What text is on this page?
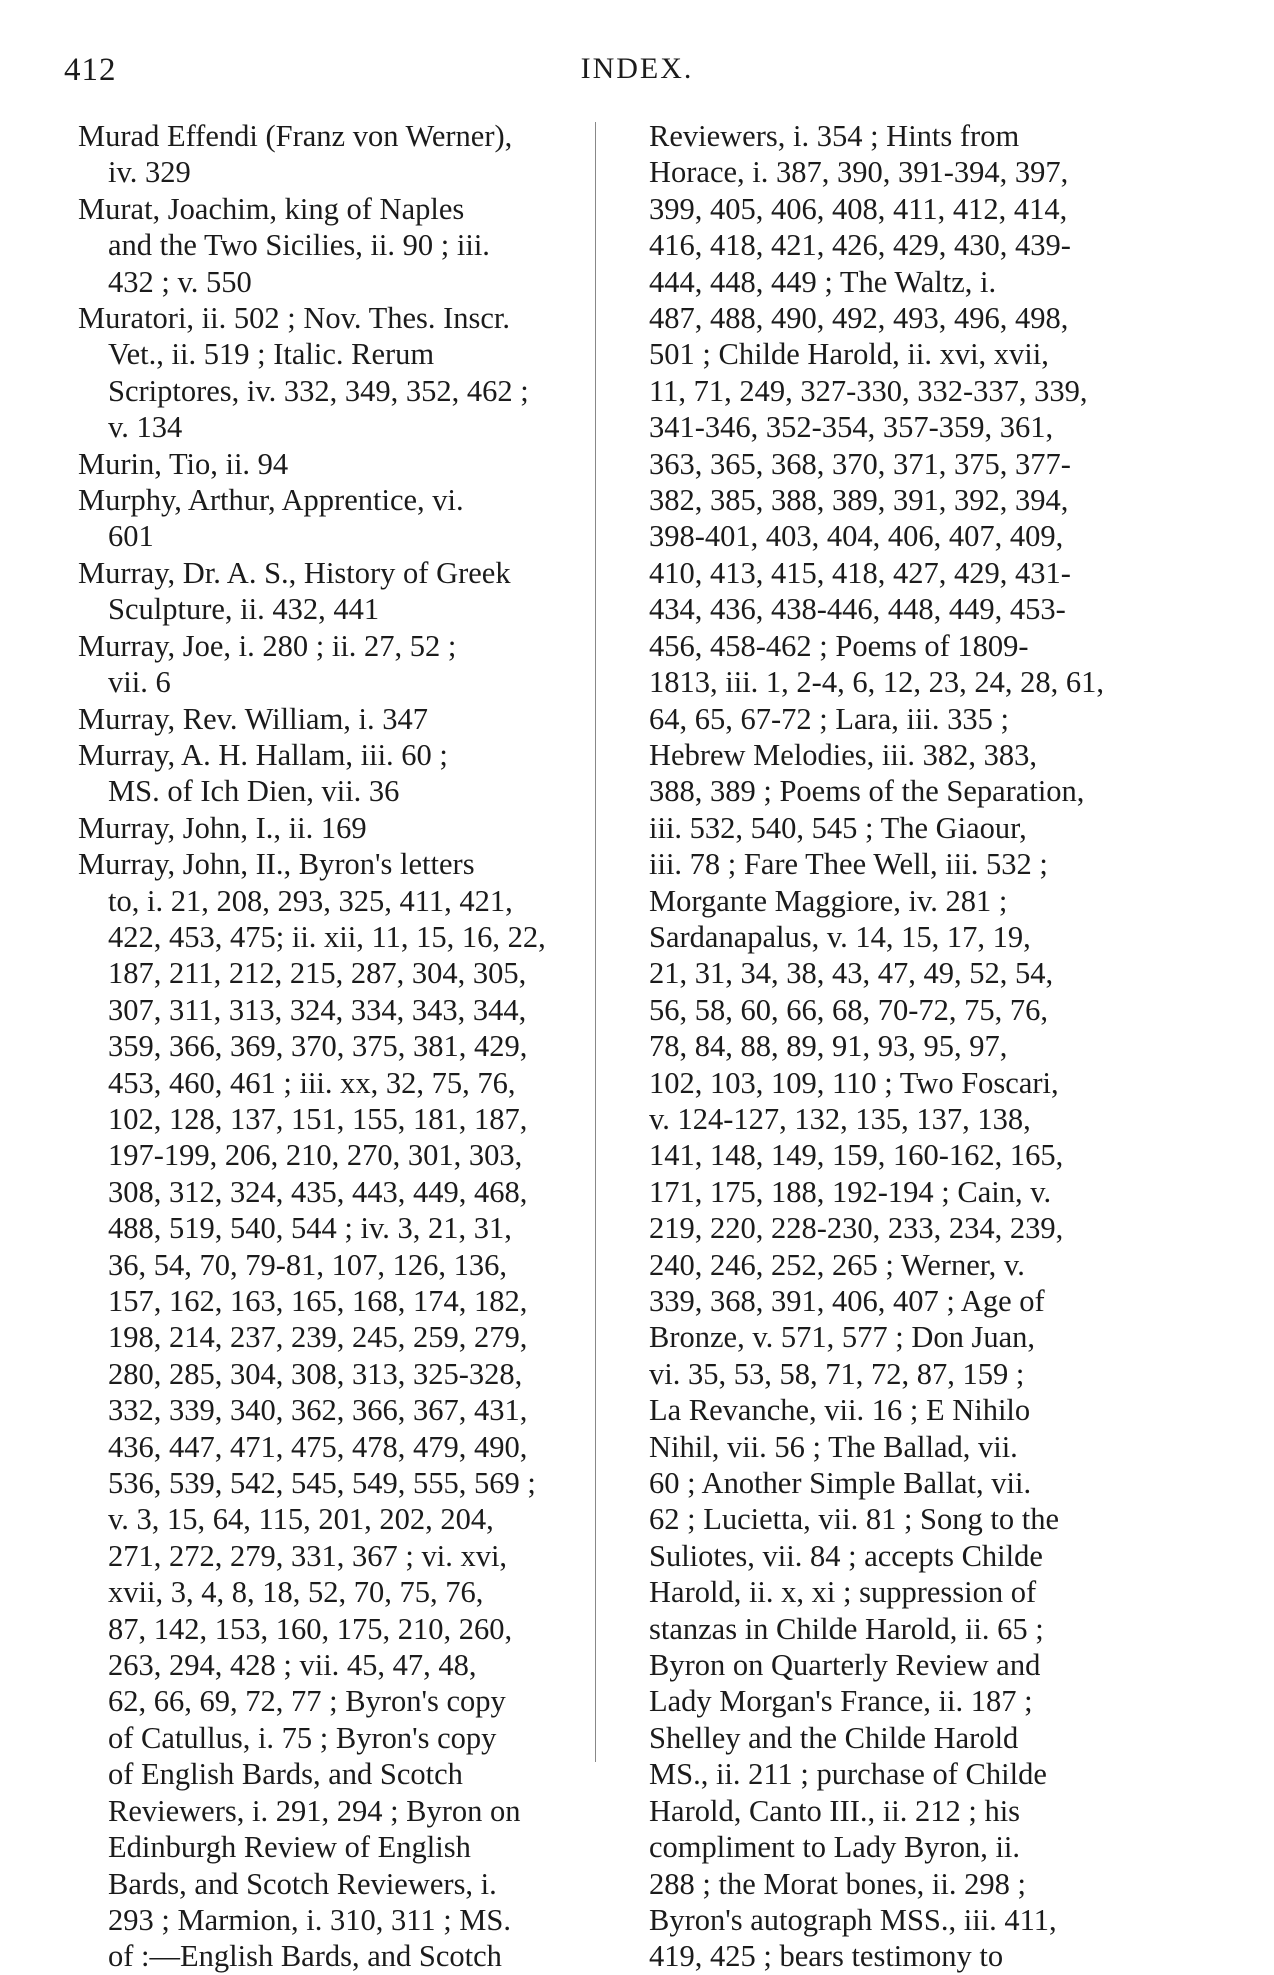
412	INDEX.
Murad Effendi (Franz von Werner),
iv. 329
Murat, Joachim, king of Naples
and the Two Sicilies, ii. 90 ; iii.
432 ; v. 550
Muratori, ii. 502 ; Nov. Thes. Inscr.
Vet., ii. 519 ; Italic. Rerum
Scriptores, iv. 332, 349, 352, 462 ;
v. 134
Murin, Tio, ii. 94
Murphy, Arthur, Apprentice, vi.
601
Murray, Dr. A. S., History of Greek
Sculpture, ii. 432, 441
Murray, Joe, i. 280 ; ii. 27, 52 ;
vii. 6
Murray, Rev. William, i. 347
Murray, A. H. Hallam, iii. 60 ;
MS. of Ich Dien, vii. 36
Murray, John, I., ii. 169
Murray, John, II., Byron's letters
to, i. 21, 208, 293, 325, 411, 421,
422, 453, 475; ii. xii, 11, 15, 16, 22,
187, 211, 212, 215, 287, 304, 305,
307, 311, 313, 324, 334, 343, 344,
359, 366, 369, 370, 375, 381, 429,
453, 460, 461 ; iii. xx, 32, 75, 76,
102, 128, 137, 151, 155, 181, 187,
197-199, 206, 210, 270, 301, 303,
308, 312, 324, 435, 443, 449, 468,
488, 519, 540, 544 ; iv. 3, 21, 31,
36, 54, 70, 79-81, 107, 126, 136,
157, 162, 163, 165, 168, 174, 182,
198, 214, 237, 239, 245, 259, 279,
280, 285, 304, 308, 313, 325-328,
332, 339, 340, 362, 366, 367, 431,
436, 447, 471, 475, 478, 479, 490,
536, 539, 542, 545, 549, 555, 569 ;
v. 3, 15, 64, 115, 201, 202, 204,
271, 272, 279, 331, 367 ; vi. xvi,
xvii, 3, 4, 8, 18, 52, 70, 75, 76,
87, 142, 153, 160, 175, 210, 260,
263, 294, 428 ; vii. 45, 47, 48,
62, 66, 69, 72, 77 ; Byron's copy
of Catullus, i. 75 ; Byron's copy
of English Bards, and Scotch
Reviewers, i. 291, 294 ; Byron on
Edinburgh Review of English
Bards, and Scotch Reviewers, i.
293 ; Marmion, i. 310, 311 ; MS.
of :—English Bards, and Scotch
Reviewers, i. 354 ; Hints from
Horace, i. 387, 390, 391-394, 397,
399, 405, 406, 408, 411, 412, 414,
416, 418, 421, 426, 429, 430, 439-
444, 448, 449 ; The Waltz, i.
487, 488, 490, 492, 493, 496, 498,
501 ; Childe Harold, ii. xvi, xvii,
11, 71, 249, 327-330, 332-337, 339,
341-346, 352-354, 357-359, 361,
363, 365, 368, 370, 371, 375, 377-
382, 385, 388, 389, 391, 392, 394,
398-401, 403, 404, 406, 407, 409,
410, 413, 415, 418, 427, 429, 431-
434, 436, 438-446, 448, 449, 453-
456, 458-462 ; Poems of 1809-
1813, iii. 1, 2-4, 6, 12, 23, 24, 28, 61,
64, 65, 67-72 ; Lara, iii. 335 ;
Hebrew Melodies, iii. 382, 383,
388, 389 ; Poems of the Separation,
iii. 532, 540, 545 ; The Giaour,
iii. 78 ; Fare Thee Well, iii. 532 ;
Morgante Maggiore, iv. 281 ;
Sardanapalus, v. 14, 15, 17, 19,
21, 31, 34, 38, 43, 47, 49, 52, 54,
56, 58, 60, 66, 68, 70-72, 75, 76,
78, 84, 88, 89, 91, 93, 95, 97,
102, 103, 109, 110 ; Two Foscari,
v. 124-127, 132, 135, 137, 138,
141, 148, 149, 159, 160-162, 165,
171, 175, 188, 192-194 ; Cain, v.
219, 220, 228-230, 233, 234, 239,
240, 246, 252, 265 ; Werner, v.
339, 368, 391, 406, 407 ; Age of
Bronze, v. 571, 577 ; Don Juan,
vi. 35, 53, 58, 71, 72, 87, 159 ;
La Revanche, vii. 16 ; E Nihilo
Nihil, vii. 56 ; The Ballad, vii.
60 ; Another Simple Ballat, vii.
62 ; Lucietta, vii. 81 ; Song to the
Suliotes, vii. 84 ; accepts Childe
Harold, ii. x, xi ; suppression of
stanzas in Childe Harold, ii. 65 ;
Byron on Quarterly Review and
Lady Morgan's France, ii. 187 ;
Shelley and the Childe Harold
MS., ii. 211 ; purchase of Childe
Harold, Canto III., ii. 212 ; his
compliment to Lady Byron, ii.
288 ; the Morat bones, ii. 298 ;
Byron's autograph MSS., iii. 411,
419, 425 ; bears testimony to
